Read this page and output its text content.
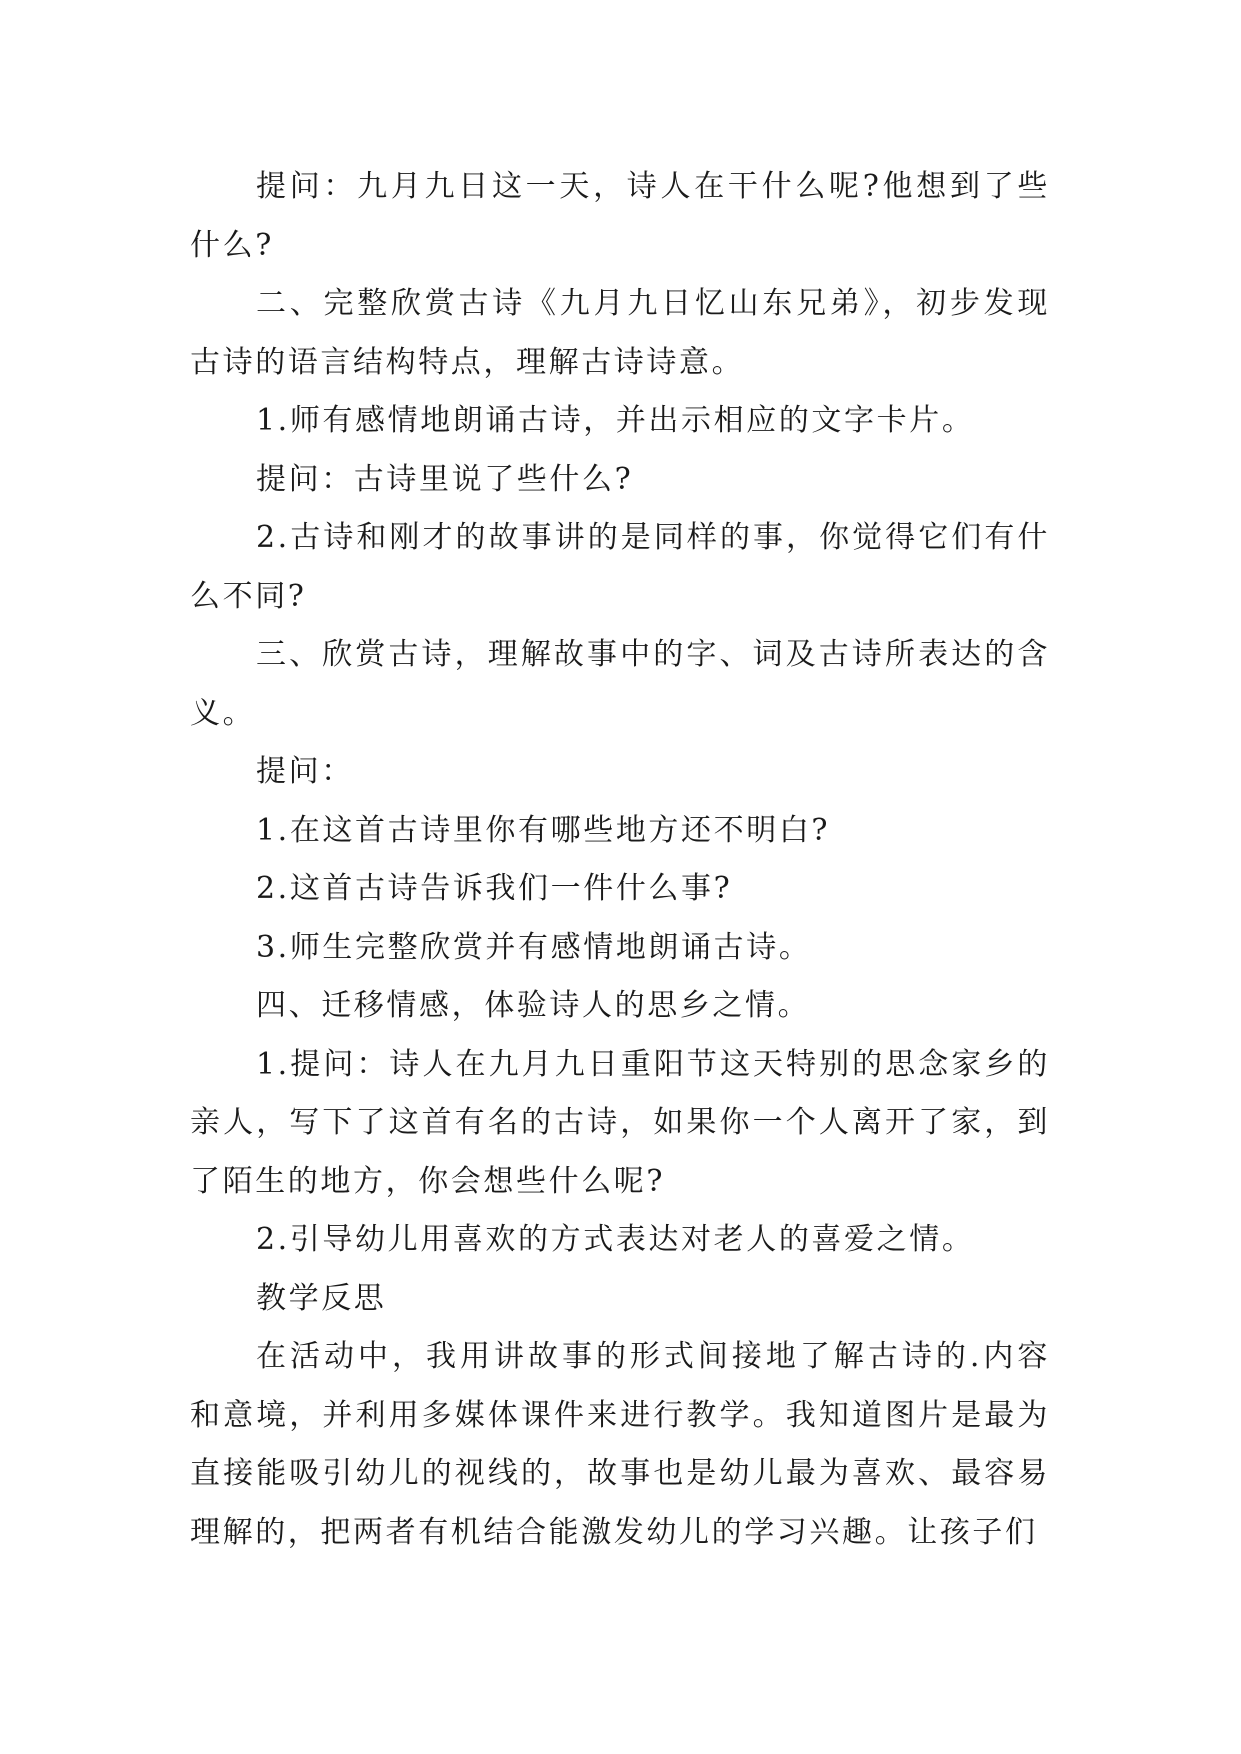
提问：九月九日这一天，诗人在干什么呢?他想到了些什么?

二、完整欣赏古诗《九月九日忆山东兄弟》，初步发现古诗的语言结构特点，理解古诗诗意。

1.师有感情地朗诵古诗，并出示相应的文字卡片。

提问：古诗里说了些什么?

2.古诗和刚才的故事讲的是同样的事，你觉得它们有什么不同?

三、欣赏古诗，理解故事中的字、词及古诗所表达的含义。

提问：

1.在这首古诗里你有哪些地方还不明白?

2.这首古诗告诉我们一件什么事?

3.师生完整欣赏并有感情地朗诵古诗。

四、迁移情感，体验诗人的思乡之情。

1.提问：诗人在九月九日重阳节这天特别的思念家乡的亲人，写下了这首有名的古诗，如果你一个人离开了家，到了陌生的地方，你会想些什么呢?

2.引导幼儿用喜欢的方式表达对老人的喜爱之情。

教学反思

在活动中，我用讲故事的形式间接地了解古诗的.内容和意境，并利用多媒体课件来进行教学。我知道图片是最为直接能吸引幼儿的视线的，故事也是幼儿最为喜欢、最容易理解的，把两者有机结合能激发幼儿的学习兴趣。让孩子们
